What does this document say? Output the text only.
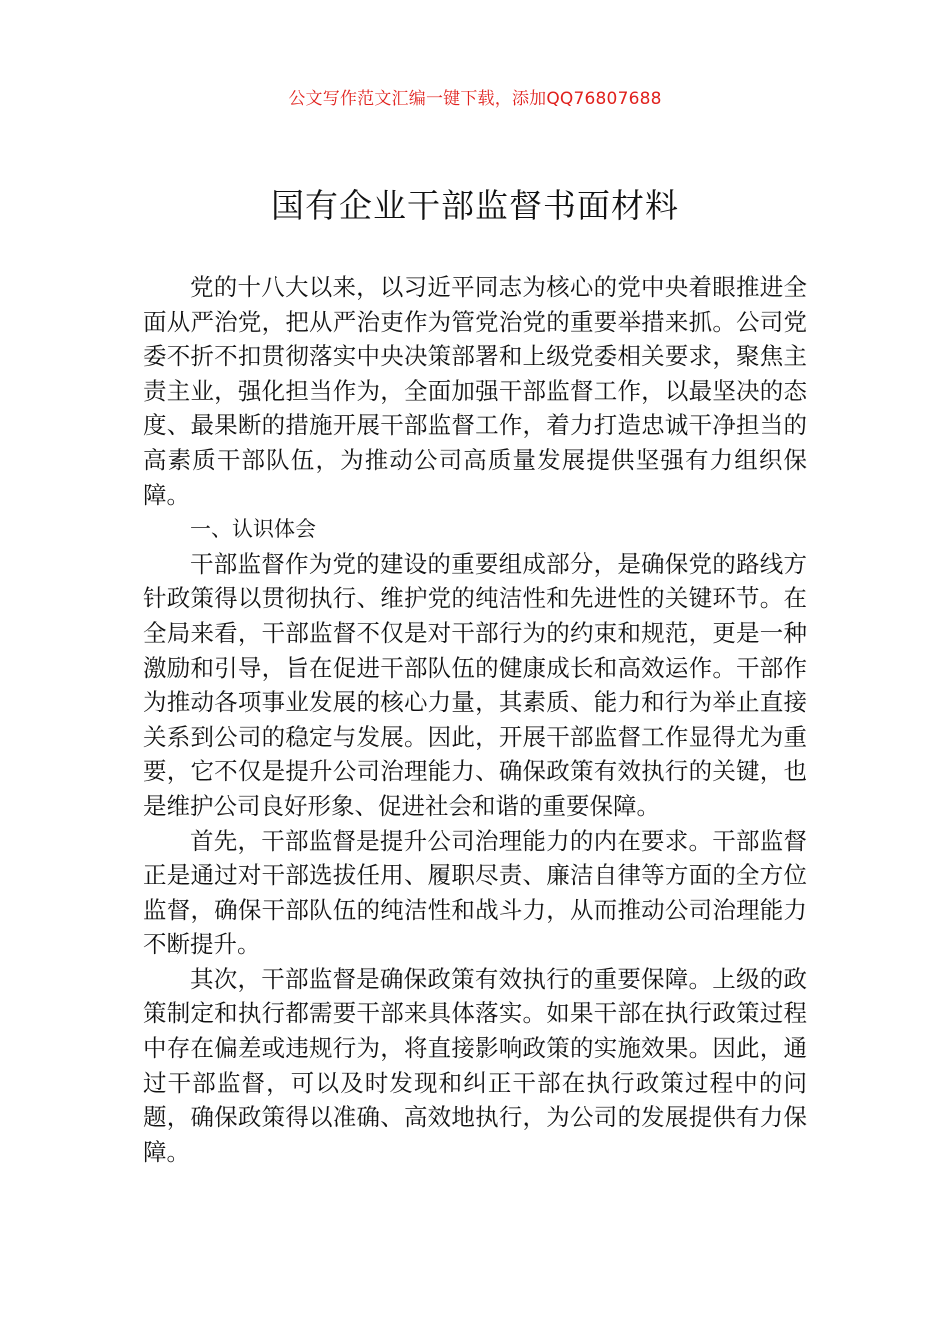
公文写作范文汇编一键下载，添加QQ76807688
国有企业干部监督书面材料

党的十八大以来，以习近平同志为核心的党中央着眼推进全面从严治党，把从严治吏作为管党治党的重要举措来抓。公司党委不折不扣贯彻落实中央决策部署和上级党委相关要求，聚焦主责主业，强化担当作为，全面加强干部监督工作，以最坚决的态度、最果断的措施开展干部监督工作，着力打造忠诚干净担当的高素质干部队伍，为推动公司高质量发展提供坚强有力组织保障。

一、认识体会

干部监督作为党的建设的重要组成部分，是确保党的路线方针政策得以贯彻执行、维护党的纯洁性和先进性的关键环节。在全局来看，干部监督不仅是对干部行为的约束和规范，更是一种激励和引导，旨在促进干部队伍的健康成长和高效运作。干部作为推动各项事业发展的核心力量，其素质、能力和行为举止直接关系到公司的稳定与发展。因此，开展干部监督工作显得尤为重要，它不仅是提升公司治理能力、确保政策有效执行的关键，也是维护公司良好形象、促进社会和谐的重要保障。

首先，干部监督是提升公司治理能力的内在要求。干部监督正是通过对干部选拔任用、履职尽责、廉洁自律等方面的全方位监督，确保干部队伍的纯洁性和战斗力，从而推动公司治理能力不断提升。

其次，干部监督是确保政策有效执行的重要保障。上级的政策制定和执行都需要干部来具体落实。如果干部在执行政策过程中存在偏差或违规行为，将直接影响政策的实施效果。因此，通过干部监督，可以及时发现和纠正干部在执行政策过程中的问题，确保政策得以准确、高效地执行，为公司的发展提供有力保障。
